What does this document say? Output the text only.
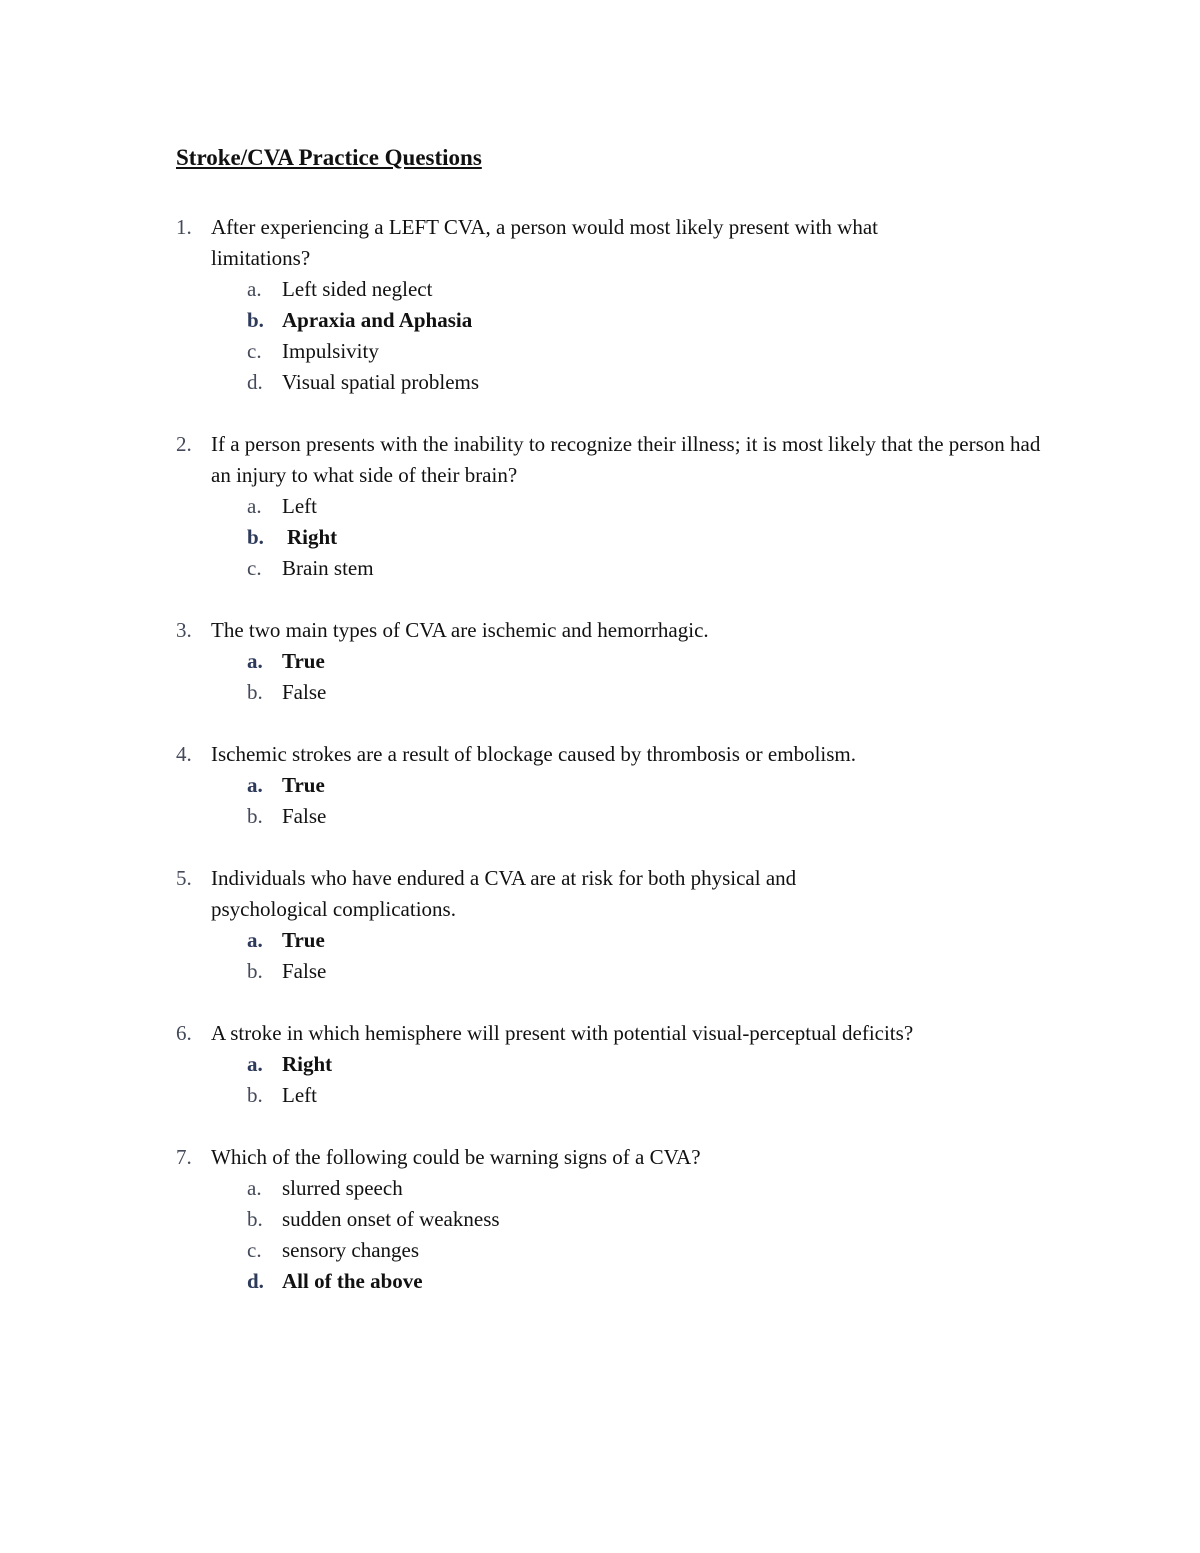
Stroke/CVA Practice Questions
1. After experiencing a LEFT CVA, a person would most likely present with what limitations?

a. Left sided neglect
b. Apraxia and Aphasia
c. Impulsivity
d. Visual spatial problems
2. If a person presents with the inability to recognize their illness; it is most likely that the person had an injury to what side of their brain?

a. Left
b. Right
c. Brain stem
3. The two main types of CVA are ischemic and hemorrhagic.

a. True
b. False
4. Ischemic strokes are a result of blockage caused by thrombosis or embolism.

a. True
b. False
5. Individuals who have endured a CVA are at risk for both physical and psychological complications.

a. True
b. False
6. A stroke in which hemisphere will present with potential visual-perceptual deficits?

a. Right
b. Left
7. Which of the following could be warning signs of a CVA?

a. slurred speech
b. sudden onset of weakness
c. sensory changes
d. All of the above
